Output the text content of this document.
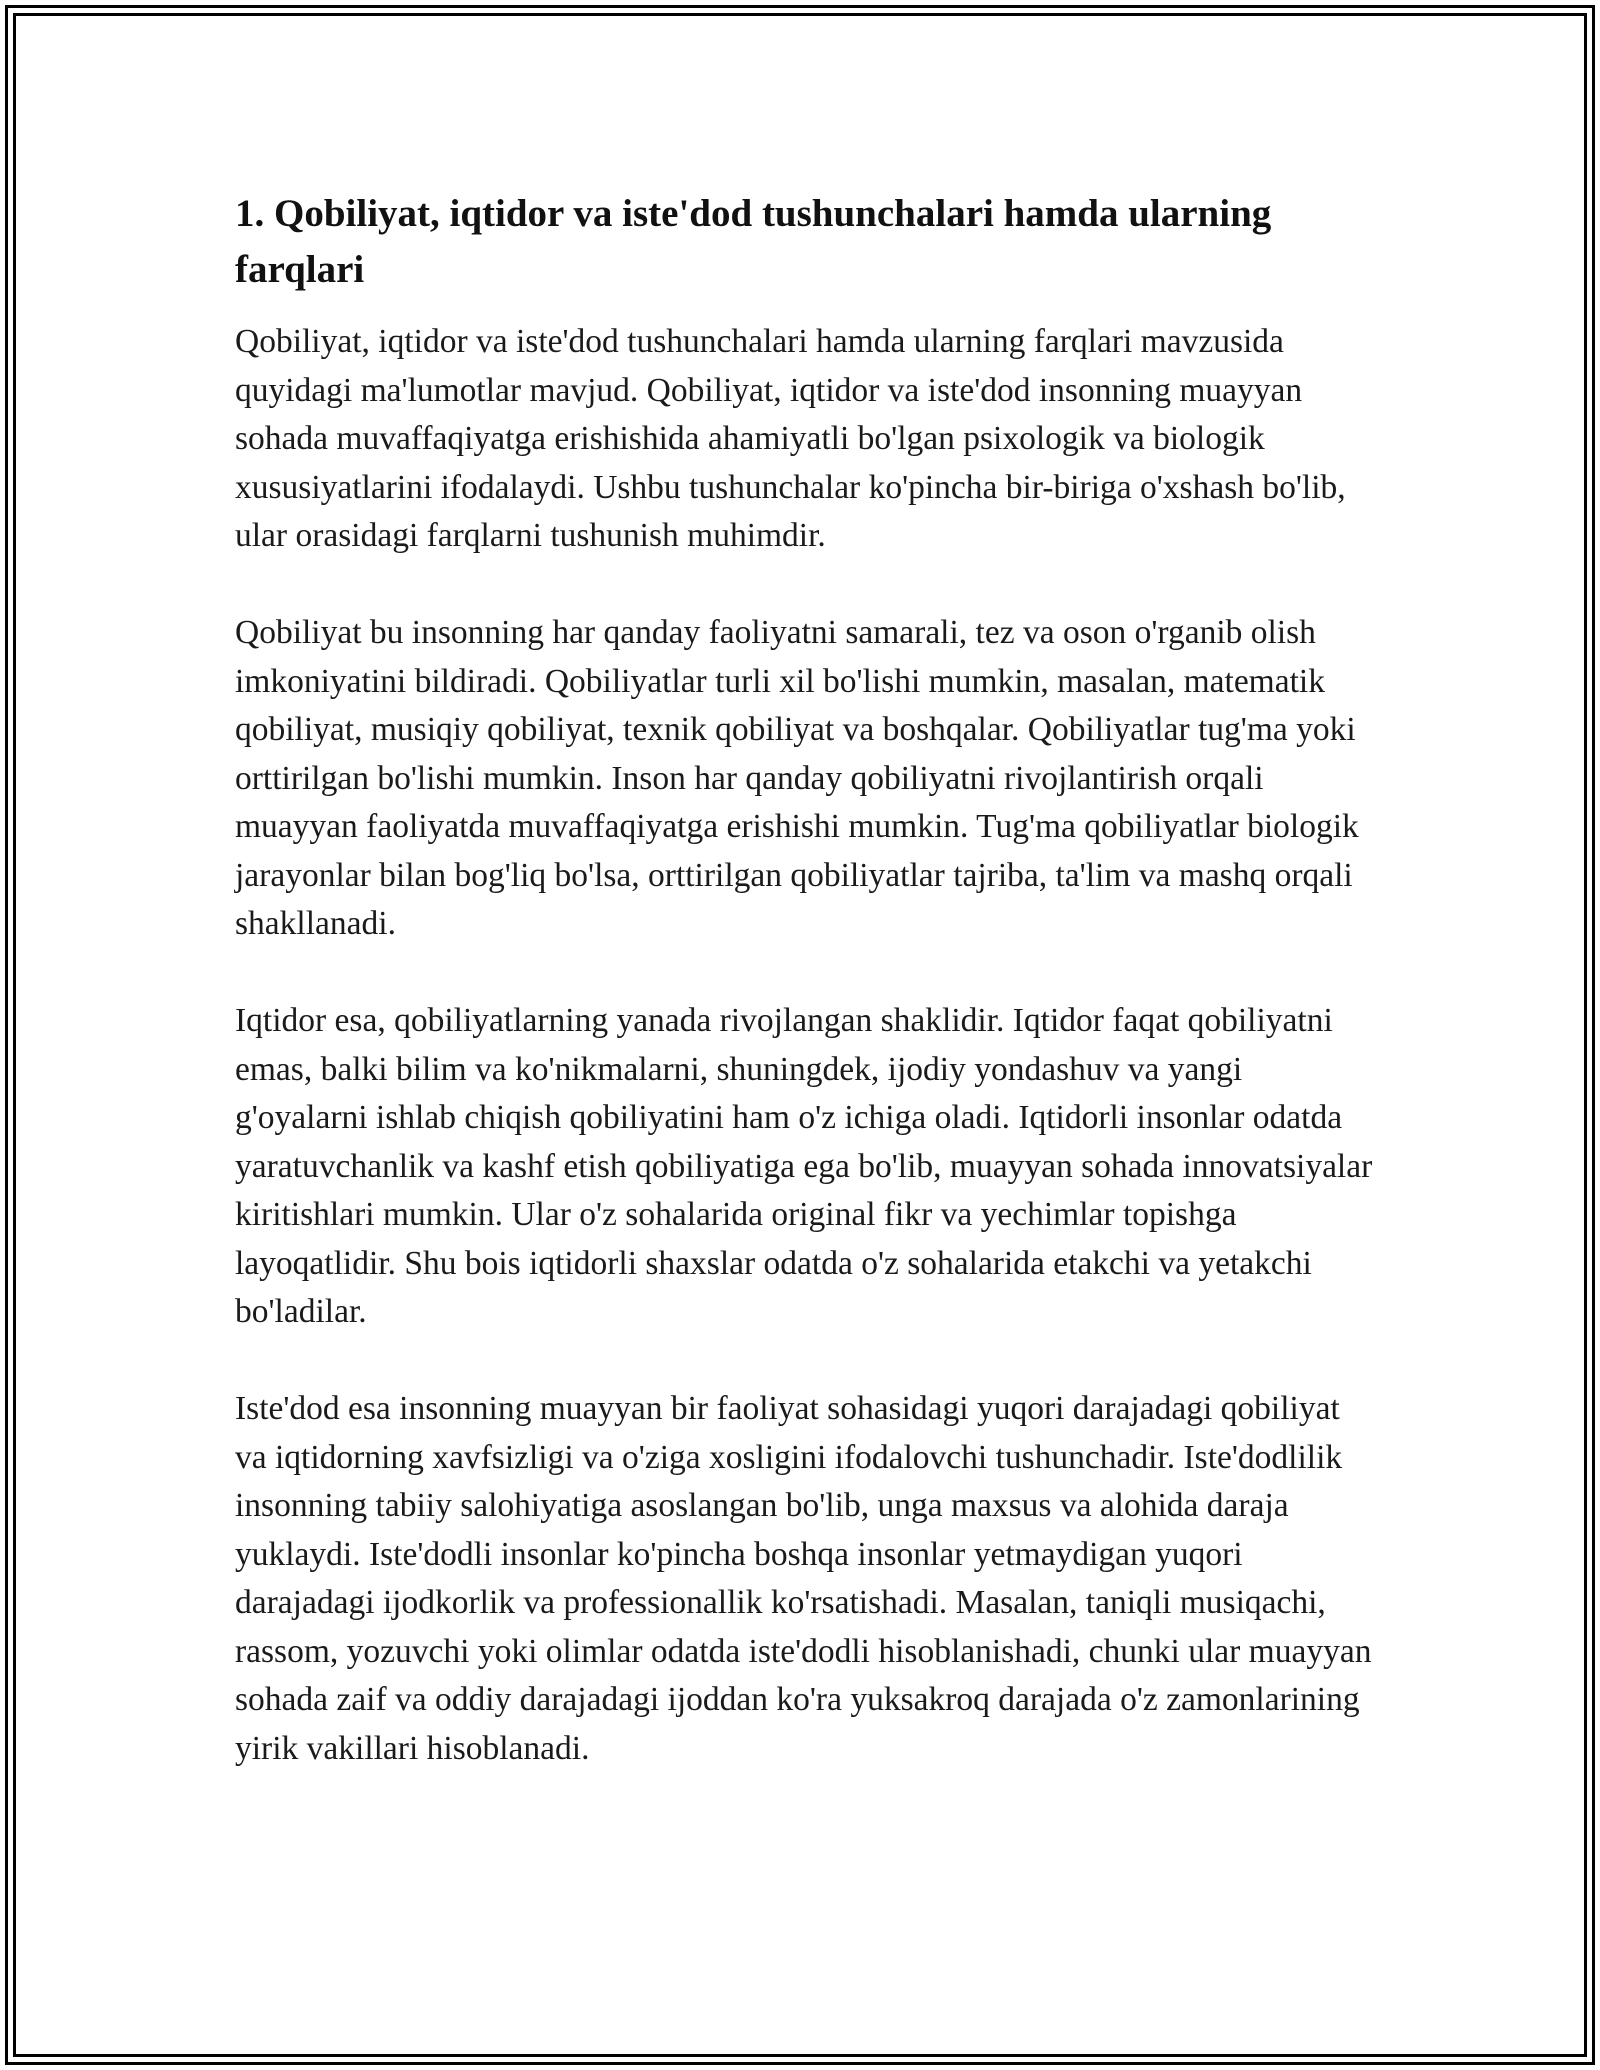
1. Qobiliyat, iqtidor va iste'dod tushunchalari hamda ularning farqlari

Qobiliyat, iqtidor va iste'dod tushunchalari hamda ularning farqlari mavzusida quyidagi ma'lumotlar mavjud. Qobiliyat, iqtidor va iste'dod insonning muayyan sohada muvaffaqiyatga erishishida ahamiyatli bo'lgan psixologik va biologik xususiyatlarini ifodalaydi. Ushbu tushunchalar ko'pincha bir-biriga o'xshash bo'lib, ular orasidagi farqlarni tushunish muhimdir.

Qobiliyat bu insonning har qanday faoliyatni samarali, tez va oson o'rganib olish imkoniyatini bildiradi. Qobiliyatlar turli xil bo'lishi mumkin, masalan, matematik qobiliyat, musiqiy qobiliyat, texnik qobiliyat va boshqalar. Qobiliyatlar tug'ma yoki orttirilgan bo'lishi mumkin. Inson har qanday qobiliyatni rivojlantirish orqali muayyan faoliyatda muvaffaqiyatga erishishi mumkin. Tug'ma qobiliyatlar biologik jarayonlar bilan bog'liq bo'lsa, orttirilgan qobiliyatlar tajriba, ta'lim va mashq orqali shakllanadi.

Iqtidor esa, qobiliyatlarning yanada rivojlangan shaklidir. Iqtidor faqat qobiliyatni emas, balki bilim va ko'nikmalarni, shuningdek, ijodiy yondashuv va yangi g'oyalarni ishlab chiqish qobiliyatini ham o'z ichiga oladi. Iqtidorli insonlar odatda yaratuvchanlik va kashf etish qobiliyatiga ega bo'lib, muayyan sohada innovatsiyalar kiritishlari mumkin. Ular o'z sohalarida original fikr va yechimlar topishga layoqatlidir. Shu bois iqtidorli shaxslar odatda o'z sohalarida etakchi va yetakchi bo'ladilar.

Iste'dod esa insonning muayyan bir faoliyat sohasidagi yuqori darajadagi qobiliyat va iqtidorning xavfsizligi va o'ziga xosligini ifodalovchi tushunchadir. Iste'dodlilik insonning tabiiy salohiyatiga asoslangan bo'lib, unga maxsus va alohida daraja yuklaydi. Iste'dodli insonlar ko'pincha boshqa insonlar yetmaydigan yuqori darajadagi ijodkorlik va professionallik ko'rsatishadi. Masalan, taniqli musiqachi, rassom, yozuvchi yoki olimlar odatda iste'dodli hisoblanishadi, chunki ular muayyan sohada zaif va oddiy darajadagi ijoddan ko'ra yuksakroq darajada o'z zamonlarining yirik vakillari hisoblanadi.
